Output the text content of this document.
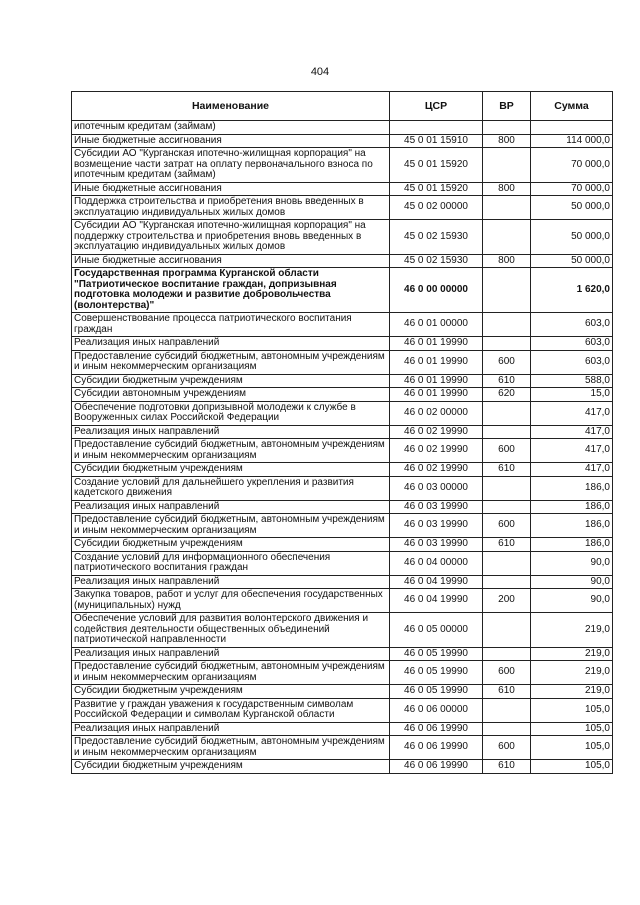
404
Наименование	ЦСР	ВР	Сумма
ипотечным кредитам (займам)			
Иные бюджетные ассигнования	45 0 01 15910	800	114 000,0
Субсидии АО "Курганская ипотечно-жилищная корпорация" на возмещение части затрат на оплату первоначального взноса по ипотечным кредитам (займам)	45 0 01 15920		70 000,0
Иные бюджетные ассигнования	45 0 01 15920	800	70 000,0
Поддержка строительства и приобретения вновь введенных в эксплуатацию индивидуальных жилых домов	45 0 02 00000		50 000,0
Субсидии АО "Курганская ипотечно-жилищная корпорация" на поддержку строительства и приобретения вновь введенных в эксплуатацию индивидуальных жилых домов	45 0 02 15930		50 000,0
Иные бюджетные ассигнования	45 0 02 15930	800	50 000,0
Государственная программа Курганской области "Патриотическое воспитание граждан, допризывная подготовка молодежи и развитие добровольчества (волонтерства)"	46 0 00 00000		1 620,0
Совершенствование процесса патриотического воспитания граждан	46 0 01 00000		603,0
Реализация иных направлений	46 0 01 19990		603,0
Предоставление субсидий бюджетным, автономным учреждениям и иным некоммерческим организациям	46 0 01 19990	600	603,0
Субсидии бюджетным учреждениям	46 0 01 19990	610	588,0
Субсидии автономным учреждениям	46 0 01 19990	620	15,0
Обеспечение подготовки допризывной молодежи к службе в Вооруженных силах Российской Федерации	46 0 02 00000		417,0
Реализация иных направлений	46 0 02 19990		417,0
Предоставление субсидий бюджетным, автономным учреждениям и иным некоммерческим организациям	46 0 02 19990	600	417,0
Субсидии бюджетным учреждениям	46 0 02 19990	610	417,0
Создание условий для дальнейшего укрепления и развития кадетского движения	46 0 03 00000		186,0
Реализация иных направлений	46 0 03 19990		186,0
Предоставление субсидий бюджетным, автономным учреждениям и иным некоммерческим организациям	46 0 03 19990	600	186,0
Субсидии бюджетным учреждениям	46 0 03 19990	610	186,0
Создание условий для информационного обеспечения патриотического воспитания граждан	46 0 04 00000		90,0
Реализация иных направлений	46 0 04 19990		90,0
Закупка товаров, работ и услуг для обеспечения государственных (муниципальных) нужд	46 0 04 19990	200	90,0
Обеспечение условий для развития волонтерского движения и содействия деятельности общественных объединений патриотической направленности	46 0 05 00000		219,0
Реализация иных направлений	46 0 05 19990		219,0
Предоставление субсидий бюджетным, автономным учреждениям и иным некоммерческим организациям	46 0 05 19990	600	219,0
Субсидии бюджетным учреждениям	46 0 05 19990	610	219,0
Развитие у граждан уважения к государственным символам Российской Федерации и символам Курганской области	46 0 06 00000		105,0
Реализация иных направлений	46 0 06 19990		105,0
Предоставление субсидий бюджетным, автономным учреждениям и иным некоммерческим организациям	46 0 06 19990	600	105,0
Субсидии бюджетным учреждениям	46 0 06 19990	610	105,0
